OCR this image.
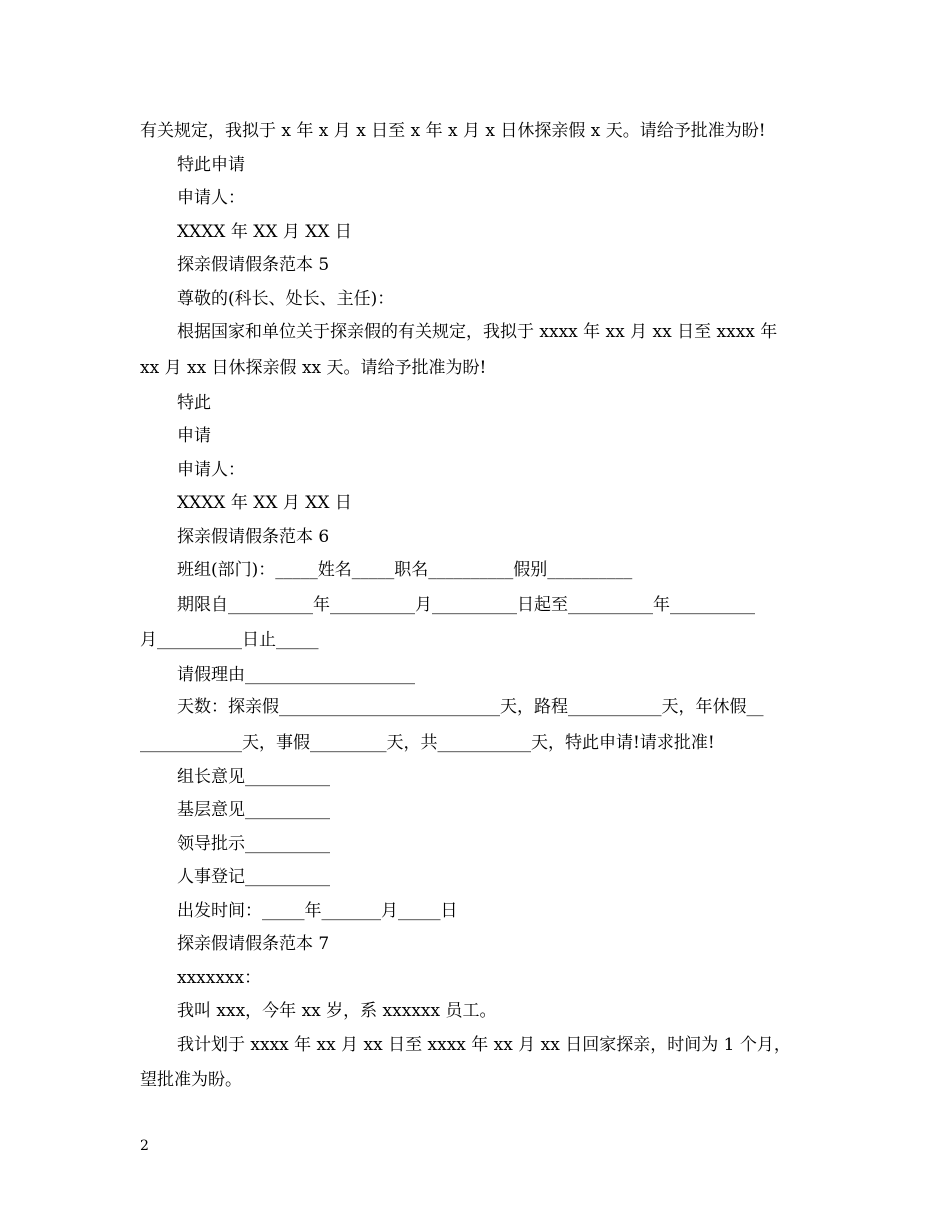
有关规定，我拟于 x 年 x 月 x 日至 x 年 x 月 x 日休探亲假 x 天。请给予批准为盼!
特此申请
申请人：
XXXX 年 XX 月 XX 日
探亲假请假条范本 5
尊敬的(科长、处长、主任)：
根据国家和单位关于探亲假的有关规定，我拟于 xxxx 年 xx 月 xx 日至 xxxx 年
xx 月 xx 日休探亲假 xx 天。请给予批准为盼!
特此
申请
申请人：
XXXX 年 XX 月 XX 日
探亲假请假条范本 6
班组(部门)：_____姓名_____职名__________假别__________
期限自__________年__________月__________日起至__________年__________
月__________日止_____
请假理由____________________
天数：探亲假__________________________天，路程___________天，年休假__
____________天，事假_________天，共___________天，特此申请!请求批准!
组长意见__________
基层意见__________
领导批示__________
人事登记__________
出发时间：_____年_______月_____日
探亲假请假条范本 7
xxxxxxx：
我叫 xxx，今年 xx 岁，系 xxxxxx 员工。
我计划于 xxxx 年 xx 月 xx 日至 xxxx 年 xx 月 xx 日回家探亲，时间为 1 个月，
望批准为盼。
2
